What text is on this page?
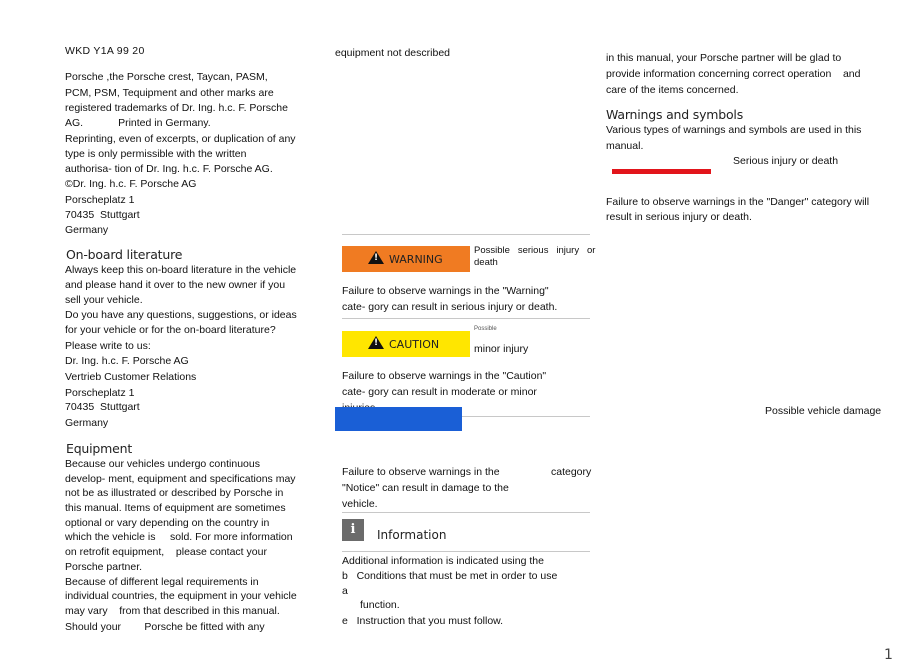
WKD Y1A 99 20
Porsche ,the Porsche crest, Taycan, PASM,
PCM, PSM, Tequipment and other marks are
registered trademarks of Dr. Ing. h.c. F. Porsche
AG.            Printed in Germany.
Reprinting, even of excerpts, or duplication of any
type is only permissible with the written
authorisa- tion of Dr. Ing. h.c. F. Porsche AG.
©Dr. Ing. h.c. F. Porsche AG
Porscheplatz 1
70435  Stuttgart
Germany
On-board literature
Always keep this on-board literature in the vehicle
and please hand it over to the new owner if you
sell your vehicle.
Do you have any questions, suggestions, or ideas
for your vehicle or for the on-board literature?
Please write to us:
Dr. Ing. h.c. F. Porsche AG
Vertrieb Customer Relations
Porscheplatz 1
70435  Stuttgart
Germany
Equipment
Because our vehicles undergo continuous
develop- ment, equipment and specifications may
not be as illustrated or described by Porsche in
this manual. Items of equipment are sometimes
optional or vary depending on the country in
which the vehicle is     sold. For more information
on retrofit equipment,    please contact your
Porsche partner.
Because of different legal requirements in
individual countries, the equipment in your vehicle
may vary    from that described in this manual.
Should your        Porsche be fitted with any
equipment not described
!
WARNING
Possible   serious   injury   or
death
Failure to observe warnings in the "Warning"
cate- gory can result in serious injury or death.
!
CAUTION
Possible
minor injury
Failure to observe warnings in the "Caution"
cate- gory can result in moderate or minor
Failure to observe warnings in the	category
"Notice" can result in damage to the
vehicle.
i	Information
Additional information is indicated using the
b   Conditions that must be met in order to use
a
function.
e   Instruction that you must follow.
in this manual, your Porsche partner will be glad to
provide information concerning correct operation    and
care of the items concerned.
Warnings and symbols
Various types of warnings and symbols are used in this
manual.
Serious injury or death
Failure to observe warnings in the "Danger" category will
result in serious injury or death.
Possible vehicle damage
1
